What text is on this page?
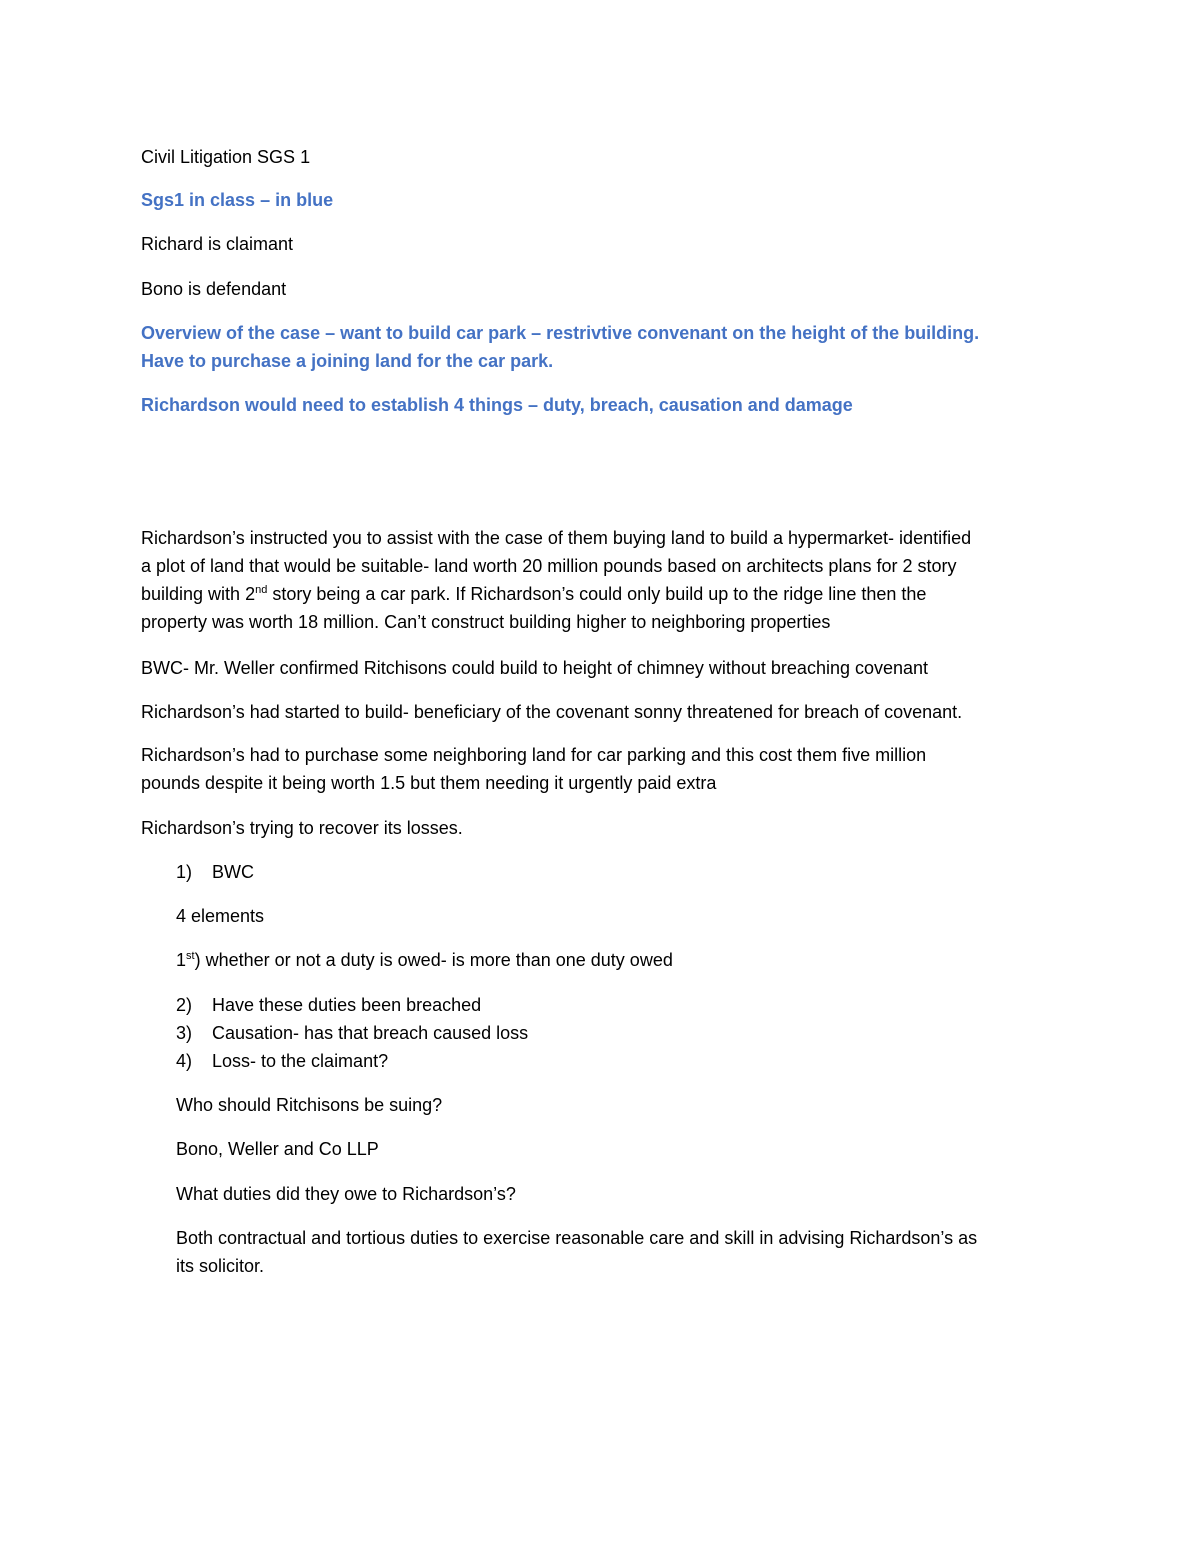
Civil Litigation SGS 1

Sgs1 in class – in blue

Richard is claimant

Bono is defendant

Overview of the case – want to build car park – restrivtive convenant on the height of the building.
Have to purchase a joining land for the car park.

Richardson would need to establish 4 things – duty, breach, causation and damage

Richardson’s instructed you to assist with the case of them buying land to build a hypermarket- identified
a plot of land that would be suitable- land worth 20 million pounds based on architects plans for 2 story
building with 2nd story being a car park. If Richardson’s could only build up to the ridge line then the
property was worth 18 million. Can’t construct building higher to neighboring properties

BWC- Mr. Weller confirmed Ritchisons could build to height of chimney without breaching covenant

Richardson’s had started to build- beneficiary of the covenant sonny threatened for breach of covenant.

Richardson’s had to purchase some neighboring land for car parking and this cost them five million
pounds despite it being worth 1.5 but them needing it urgently paid extra

Richardson’s trying to recover its losses.

1) BWC

4 elements

1st) whether or not a duty is owed- is more than one duty owed

2) Have these duties been breached
3) Causation- has that breach caused loss
4) Loss- to the claimant?

Who should Ritchisons be suing?

Bono, Weller and Co LLP

What duties did they owe to Richardson’s?

Both contractual and tortious duties to exercise reasonable care and skill in advising Richardson’s as
its solicitor.
